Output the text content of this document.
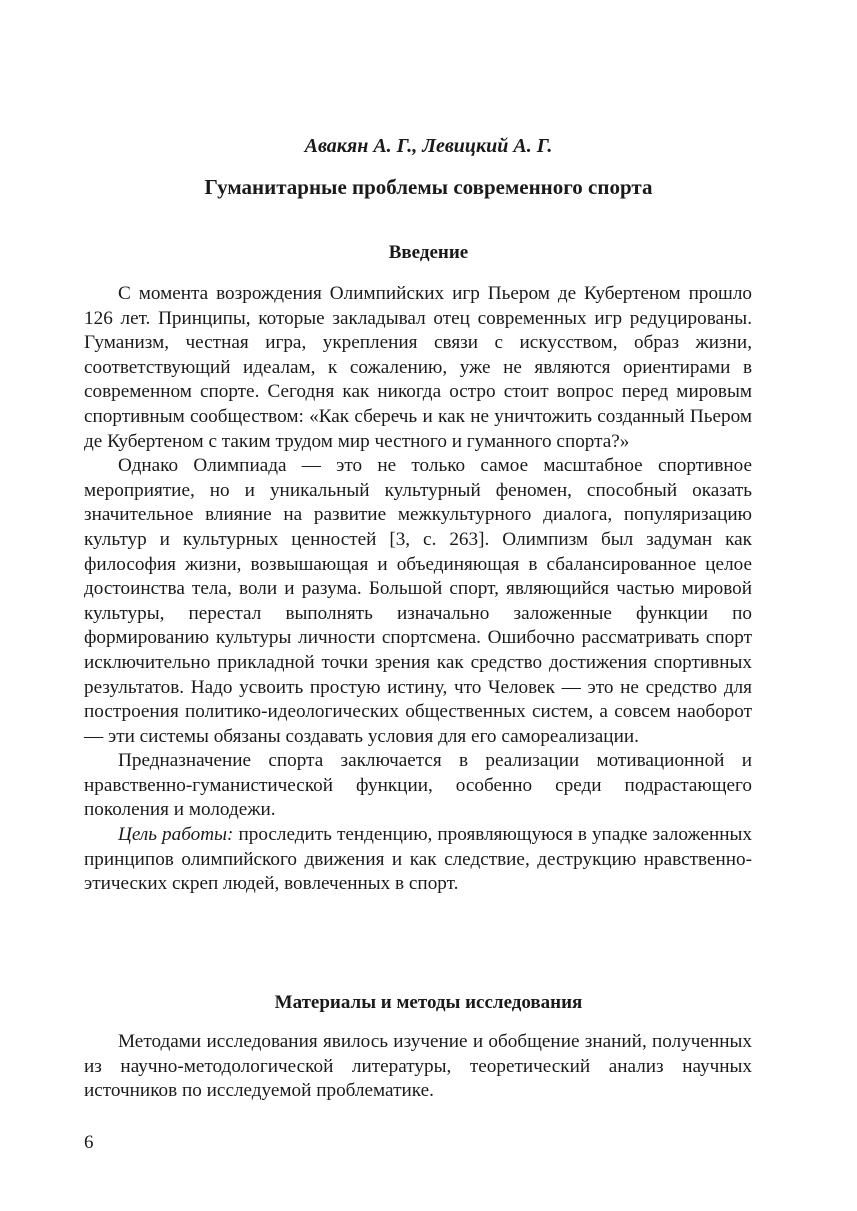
Авакян А. Г., Левицкий А. Г.
Гуманитарные проблемы современного спорта
Введение

С момента возрождения Олимпийских игр Пьером де Кубертеном прошло 126 лет. Принципы, которые закладывал отец современных игр редуцированы. Гуманизм, честная игра, укрепления связи с искусством, образ жизни, соответствующий идеалам, к сожалению, уже не являются ориентирами в современном спорте. Сегодня как никогда остро стоит вопрос перед мировым спортивным сообществом: «Как сберечь и как не уничтожить созданный Пьером де Кубертеном с таким трудом мир честного и гуманного спорта?»

Однако Олимпиада — это не только самое масштабное спортивное мероприятие, но и уникальный культурный феномен, способный оказать значительное влияние на развитие межкультурного диалога, популяризацию культур и культурных ценностей [3, с. 263]. Олимпизм был задуман как философия жизни, возвышающая и объединяющая в сбалансированное целое достоинства тела, воли и разума. Большой спорт, являющийся частью мировой культуры, перестал выполнять изначально заложенные функции по формированию культуры личности спортсмена. Ошибочно рассматривать спорт исключительно прикладной точки зрения как средство достижения спортивных результатов. Надо усвоить простую истину, что Человек — это не средство для построения политико-идеологических общественных систем, а совсем наоборот — эти системы обязаны создавать условия для его самореализации.

Предназначение спорта заключается в реализации мотивационной и нравственно-гуманистической функции, особенно среди подрастающего поколения и молодежи.

Цель работы: проследить тенденцию, проявляющуюся в упадке заложенных принципов олимпийского движения и как следствие, деструкцию нравственно-этических скреп людей, вовлеченных в спорт.

Материалы и методы исследования

Методами исследования явилось изучение и обобщение знаний, полученных из научно-методологической литературы, теоретический анализ научных источников по исследуемой проблематике.

6
